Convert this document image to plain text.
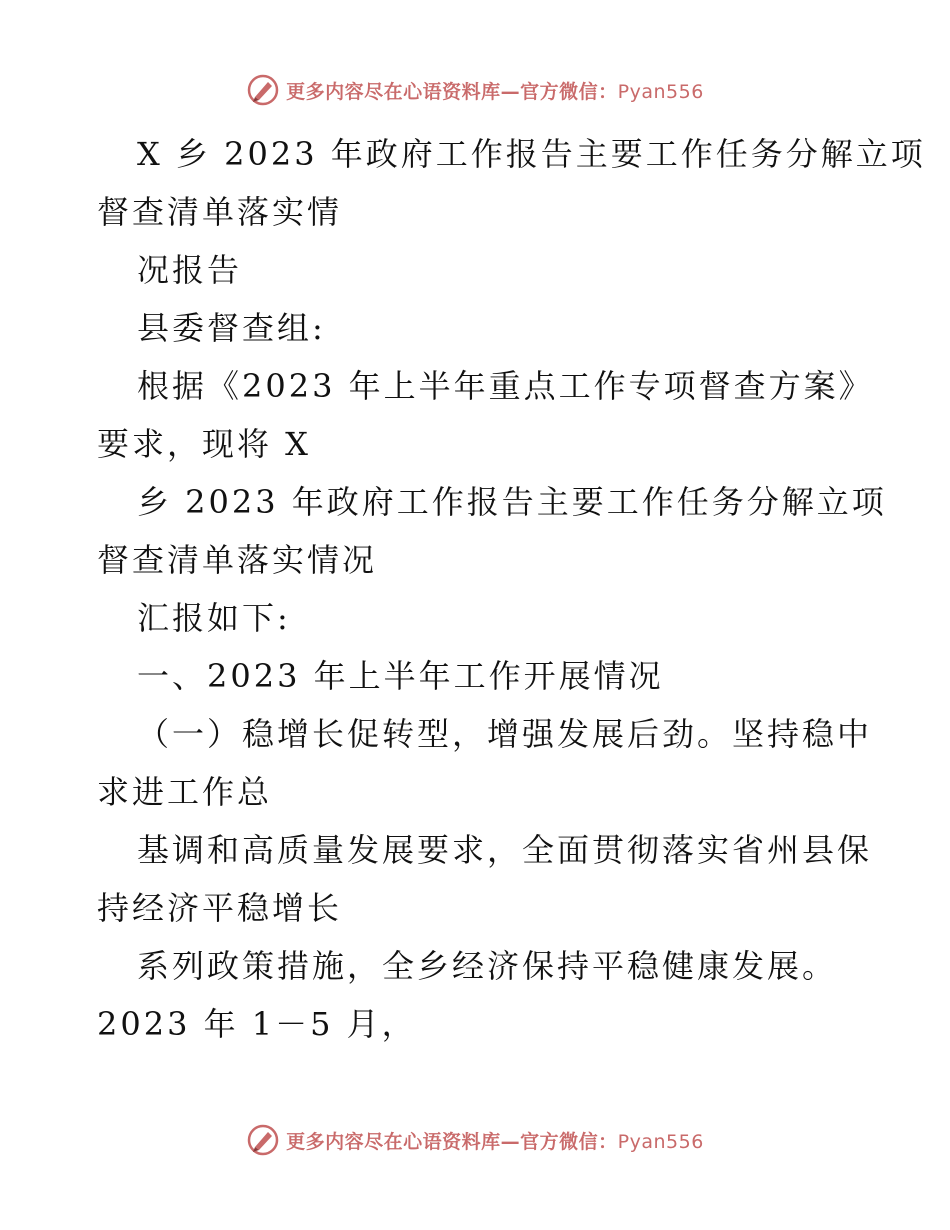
更多内容尽在心语资料库—官方微信：Pyan556
X 乡 2023 年政府工作报告主要工作任务分解立项
督查清单落实情
况报告
县委督查组:
根据《2023 年上半年重点工作专项督查方案》
要求，现将 X
乡 2023 年政府工作报告主要工作任务分解立项
督查清单落实情况
汇报如下:
一、2023 年上半年工作开展情况
（一）稳增长促转型，增强发展后劲。坚持稳中
求进工作总
基调和高质量发展要求，全面贯彻落实省州县保
持经济平稳增长
系列政策措施，全乡经济保持平稳健康发展。
2023 年 1－5 月，
更多内容尽在心语资料库—官方微信：Pyan556
